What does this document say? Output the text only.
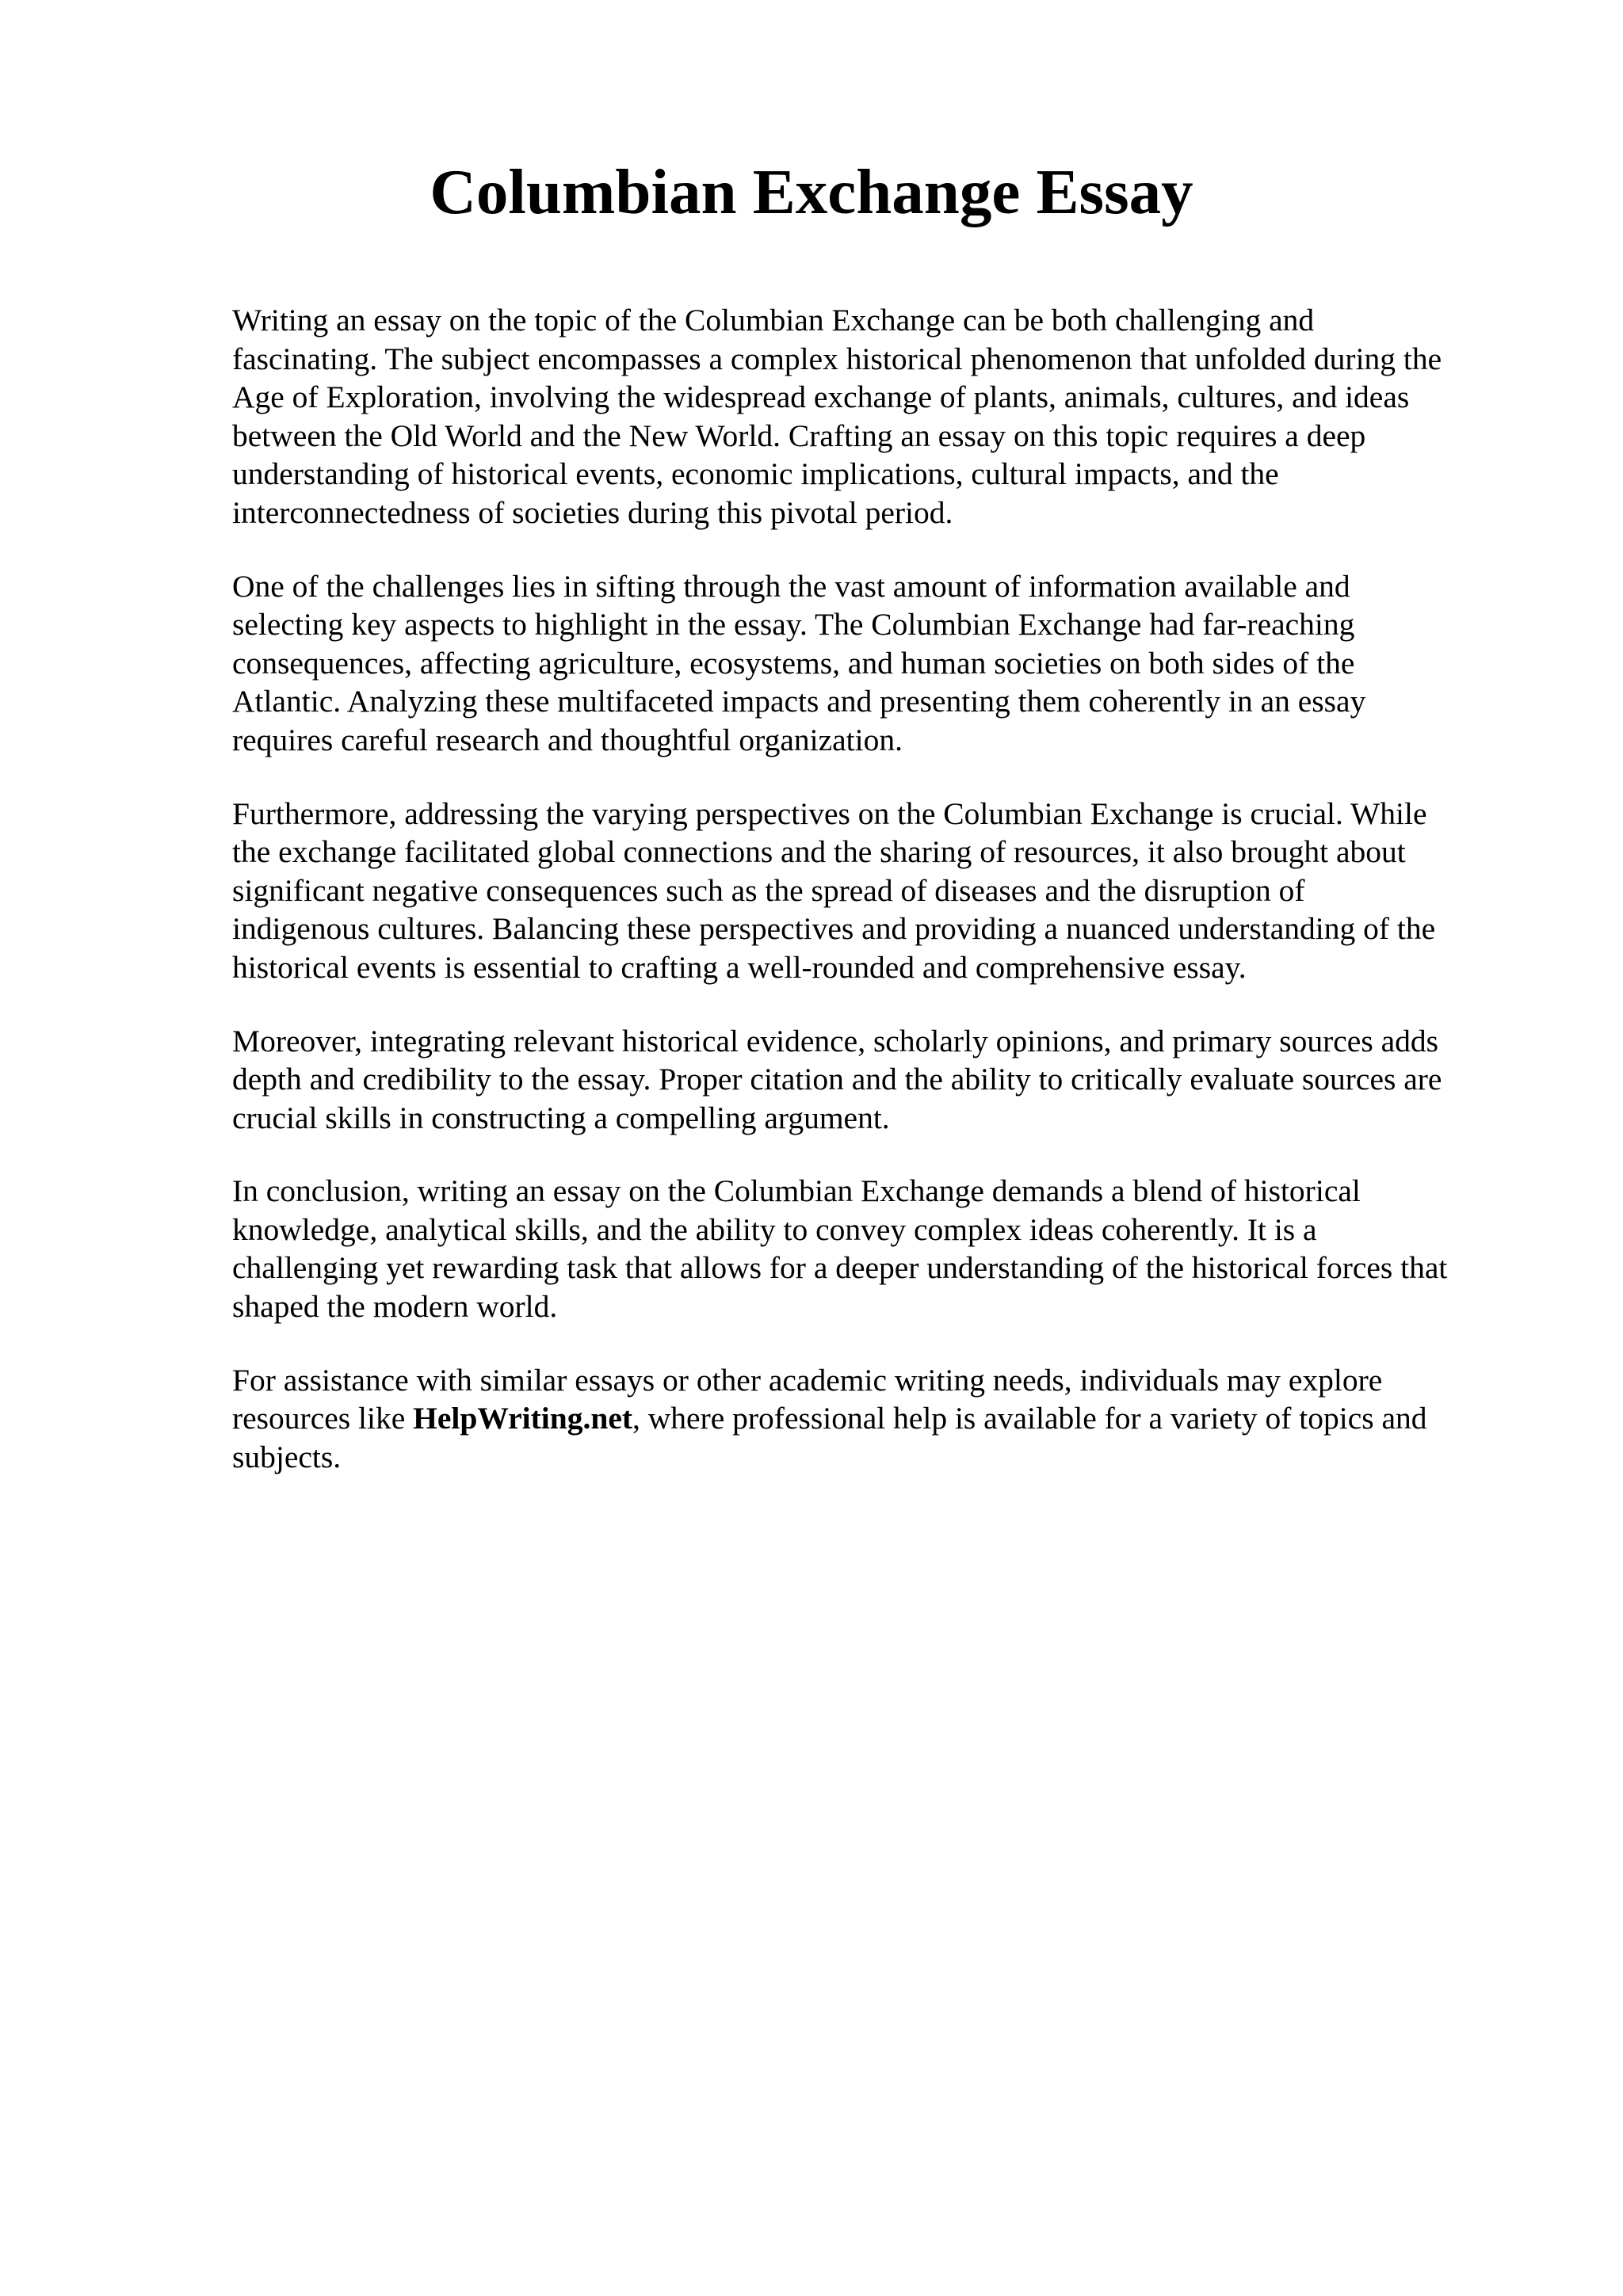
Columbian Exchange Essay

Writing an essay on the topic of the Columbian Exchange can be both challenging and
fascinating. The subject encompasses a complex historical phenomenon that unfolded during the
Age of Exploration, involving the widespread exchange of plants, animals, cultures, and ideas
between the Old World and the New World. Crafting an essay on this topic requires a deep
understanding of historical events, economic implications, cultural impacts, and the
interconnectedness of societies during this pivotal period.

One of the challenges lies in sifting through the vast amount of information available and
selecting key aspects to highlight in the essay. The Columbian Exchange had far-reaching
consequences, affecting agriculture, ecosystems, and human societies on both sides of the
Atlantic. Analyzing these multifaceted impacts and presenting them coherently in an essay
requires careful research and thoughtful organization.

Furthermore, addressing the varying perspectives on the Columbian Exchange is crucial. While
the exchange facilitated global connections and the sharing of resources, it also brought about
significant negative consequences such as the spread of diseases and the disruption of
indigenous cultures. Balancing these perspectives and providing a nuanced understanding of the
historical events is essential to crafting a well-rounded and comprehensive essay.

Moreover, integrating relevant historical evidence, scholarly opinions, and primary sources adds
depth and credibility to the essay. Proper citation and the ability to critically evaluate sources are
crucial skills in constructing a compelling argument.

In conclusion, writing an essay on the Columbian Exchange demands a blend of historical
knowledge, analytical skills, and the ability to convey complex ideas coherently. It is a
challenging yet rewarding task that allows for a deeper understanding of the historical forces that
shaped the modern world.

For assistance with similar essays or other academic writing needs, individuals may explore
resources like HelpWriting.net, where professional help is available for a variety of topics and
subjects.
